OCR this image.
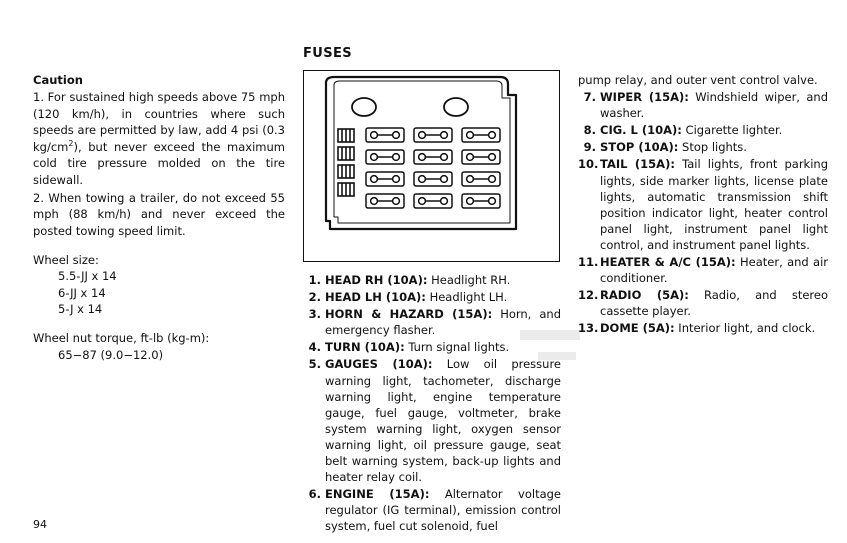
Caution

1. For sustained high speeds above 75 mph (120 km/h), in countries where such speeds are permitted by law, add 4 psi (0.3 $kg/cm^2$), but never exceed the maximum cold tire pressure molded on the tire sidewall.

2. When towing a trailer, do not exceed 55 mph (88 km/h) and never exceed the posted towing speed limit.

Wheel size:
5.5-JJ x 14
6-JJ x 14
5-J x 14
Wheel nut torque, ft-lb (kg-m):
65−87 (9.0−12.0)
FUSES
1. HEAD RH (10A): Headlight RH.
2. HEAD LH (10A): Headlight LH.
3. HORN & HAZARD (15A): Horn, and emergency flasher.
4. TURN (10A): Turn signal lights.
5. GAUGES (10A): Low oil pressure warning light, tachometer, discharge warning light, engine temperature gauge, fuel gauge, voltmeter, brake system warning light, oxygen sensor warning light, oil pressure gauge, seat belt warning system, back-up lights and heater relay coil.
6. ENGINE (15A): Alternator voltage regulator (IG terminal), emission control system, fuel cut solenoid, fuel
pump relay, and outer vent control valve.
7. WIPER (15A): Windshield wiper, and washer.
8. CIG. L (10A): Cigarette lighter.
9. STOP (10A): Stop lights.
10. TAIL (15A): Tail lights, front parking lights, side marker lights, license plate lights, automatic transmission shift position indicator light, heater control panel light, instrument panel light control, and instrument panel lights.
11. HEATER & A/C (15A): Heater, and air conditioner.
12. RADIO (5A): Radio, and stereo cassette player.
13. DOME (5A): Interior light, and clock.
94
